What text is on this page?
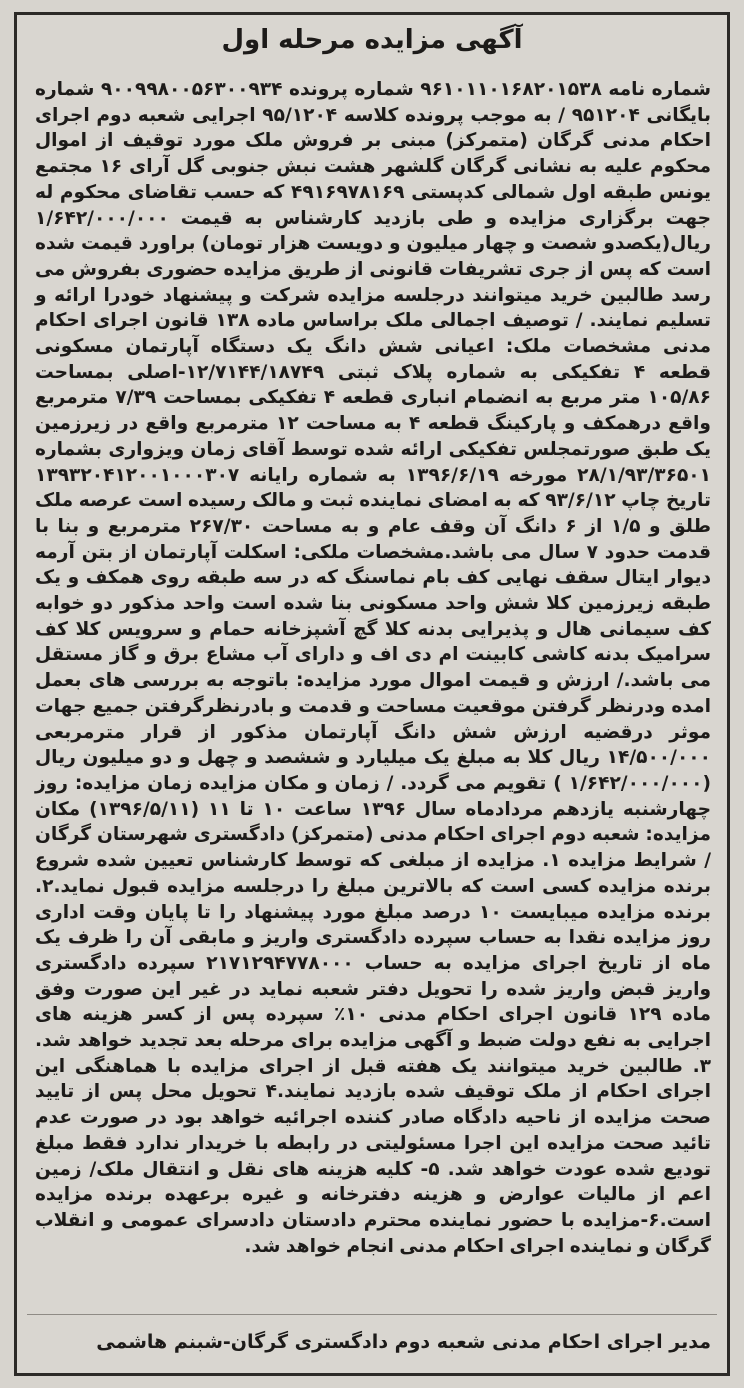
آگهی مزایده مرحله اول

شماره نامه ۹۶۱۰۱۱۰۱۶۸۲۰۱۵۳۸ شماره پرونده ۹۰۰۹۹۸۰۰۵۶۳۰۰۹۳۴ شماره بایگانی ۹۵۱۲۰۴ / به موجب پرونده کلاسه ۹۵/۱۲۰۴ اجرایی شعبه دوم اجرای احکام مدنی گرگان (متمرکز) مبنی بر فروش ملک مورد توقیف از اموال محکوم علیه به نشانی گرگان گلشهر هشت نبش جنوبی گل آرای ۱۶ مجتمع یونس طبقه اول شمالی کدپستی ۴۹۱۶۹۷۸۱۶۹ که حسب تقاضای محکوم له جهت برگزاری مزایده و طی بازدید کارشناس به قیمت ۱/۶۴۲/۰۰۰/۰۰۰ ریال(یکصدو شصت و چهار میلیون و دویست هزار تومان) براورد قیمت شده است که پس از جری تشریفات قانونی از طریق مزایده حضوری بفروش می رسد طالبین خرید میتوانند درجلسه مزایده شرکت و پیشنهاد خودرا ارائه و تسلیم نمایند. / توصیف اجمالی ملک براساس ماده ۱۳۸ قانون اجرای احکام مدنی مشخصات ملک: اعیانی شش دانگ یک دستگاه آپارتمان مسکونی قطعه ۴ تفکیکی به شماره پلاک ثبتی ۱۲/۷۱۴۴/۱۸۷۴۹-اصلی بمساحت ۱۰۵/۸۶ متر مربع به انضمام انباری قطعه ۴ تفکیکی بمساحت ۷/۳۹ مترمربع واقع درهمکف و پارکینگ قطعه ۴ به مساحت ۱۲ مترمربع واقع در زیرزمین یک طبق صورتمجلس تفکیکی ارائه شده توسط آقای زمان ویزواری بشماره ۲۸/۱/۹۳/۳۶۵۰۱ مورخه ۱۳۹۶/۶/۱۹ به شماره رایانه ۱۳۹۳۲۰۴۱۲۰۰۱۰۰۰۳۰۷ تاریخ چاپ ۹۳/۶/۱۲ که به امضای نماینده ثبت و مالک رسیده است عرصه ملک طلق و ۱/۵ از ۶ دانگ آن وقف عام و به مساحت ۲۶۷/۳۰ مترمربع و بنا با قدمت حدود ۷ سال می باشد.مشخصات ملکی: اسکلت آپارتمان از بتن آرمه دیوار ایتال سقف نهایی کف بام نماسنگ که در سه طبقه روی همکف و یک طبقه زیرزمین کلا شش واحد مسکونی بنا شده است واحد مذکور دو خوابه کف سیمانی هال و پذیرایی بدنه کلا گچ آشپزخانه حمام و سرویس کلا کف سرامیک بدنه کاشی کابینت ام دی اف و دارای آب مشاع برق و گاز مستقل می باشد./ ارزش و قیمت اموال مورد مزایده: باتوجه به بررسی های بعمل امده ودرنظر گرفتن موقعیت مساحت و قدمت و بادرنظرگرفتن جمیع جهات موثر درقضیه ارزش شش دانگ آپارتمان مذکور از قرار مترمربعی ۱۴/۵۰۰/۰۰۰ ریال کلا به مبلغ یک میلیارد و ششصد و چهل و دو میلیون ریال (۱/۶۴۲/۰۰۰/۰۰۰ ) تقویم می گردد. / زمان و مکان مزایده زمان مزایده: روز چهارشنبه یازدهم مردادماه سال ۱۳۹۶ ساعت ۱۰ تا ۱۱ (۱۳۹۶/۵/۱۱) مکان مزایده: شعبه دوم اجرای احکام مدنی (متمرکز) دادگستری شهرستان گرگان / شرایط مزایده ۱. مزایده از مبلغی که توسط کارشناس تعیین شده شروع برنده مزایده کسی است که بالاترین مبلغ را درجلسه مزایده قبول نماید.۲. برنده مزایده میبایست ۱۰ درصد مبلغ مورد پیشنهاد را تا پایان وقت اداری روز مزایده نقدا به حساب سپرده دادگستری واریز و مابقی آن را ظرف یک ماه از تاریخ اجرای مزایده به حساب ۲۱۷۱۲۹۴۷۷۸۰۰۰ سپرده دادگستری واریز قبض واریز شده را تحویل دفتر شعبه نماید در غیر این صورت وفق ماده ۱۲۹ قانون اجرای احکام مدنی ۱۰٪ سپرده پس از کسر هزینه های اجرایی به نفع دولت ضبط و آگهی مزایده برای مرحله بعد تجدید خواهد شد. ۳. طالبین خرید میتوانند یک هفته قبل از اجرای مزایده با هماهنگی این اجرای احکام از ملک توقیف شده بازدید نمایند.۴ تحویل محل پس از تایید صحت مزایده از ناحیه دادگاه صادر کننده اجرائیه خواهد بود در صورت عدم تائید صحت مزایده این اجرا مسئولیتی در رابطه با خریدار ندارد فقط مبلغ توديع شده عودت خواهد شد. ۵- کلیه هزینه های نقل و انتقال ملک/ زمین اعم از مالیات عوارض و هزینه دفترخانه و غیره برعهده برنده مزایده است.۶-مزایده با حضور نماینده محترم دادستان دادسرای عمومی و انقلاب گرگان و نماینده اجرای احکام مدنی انجام خواهد شد.

مدیر اجرای احکام مدنی شعبه دوم دادگستری گرگان-شبنم هاشمی
